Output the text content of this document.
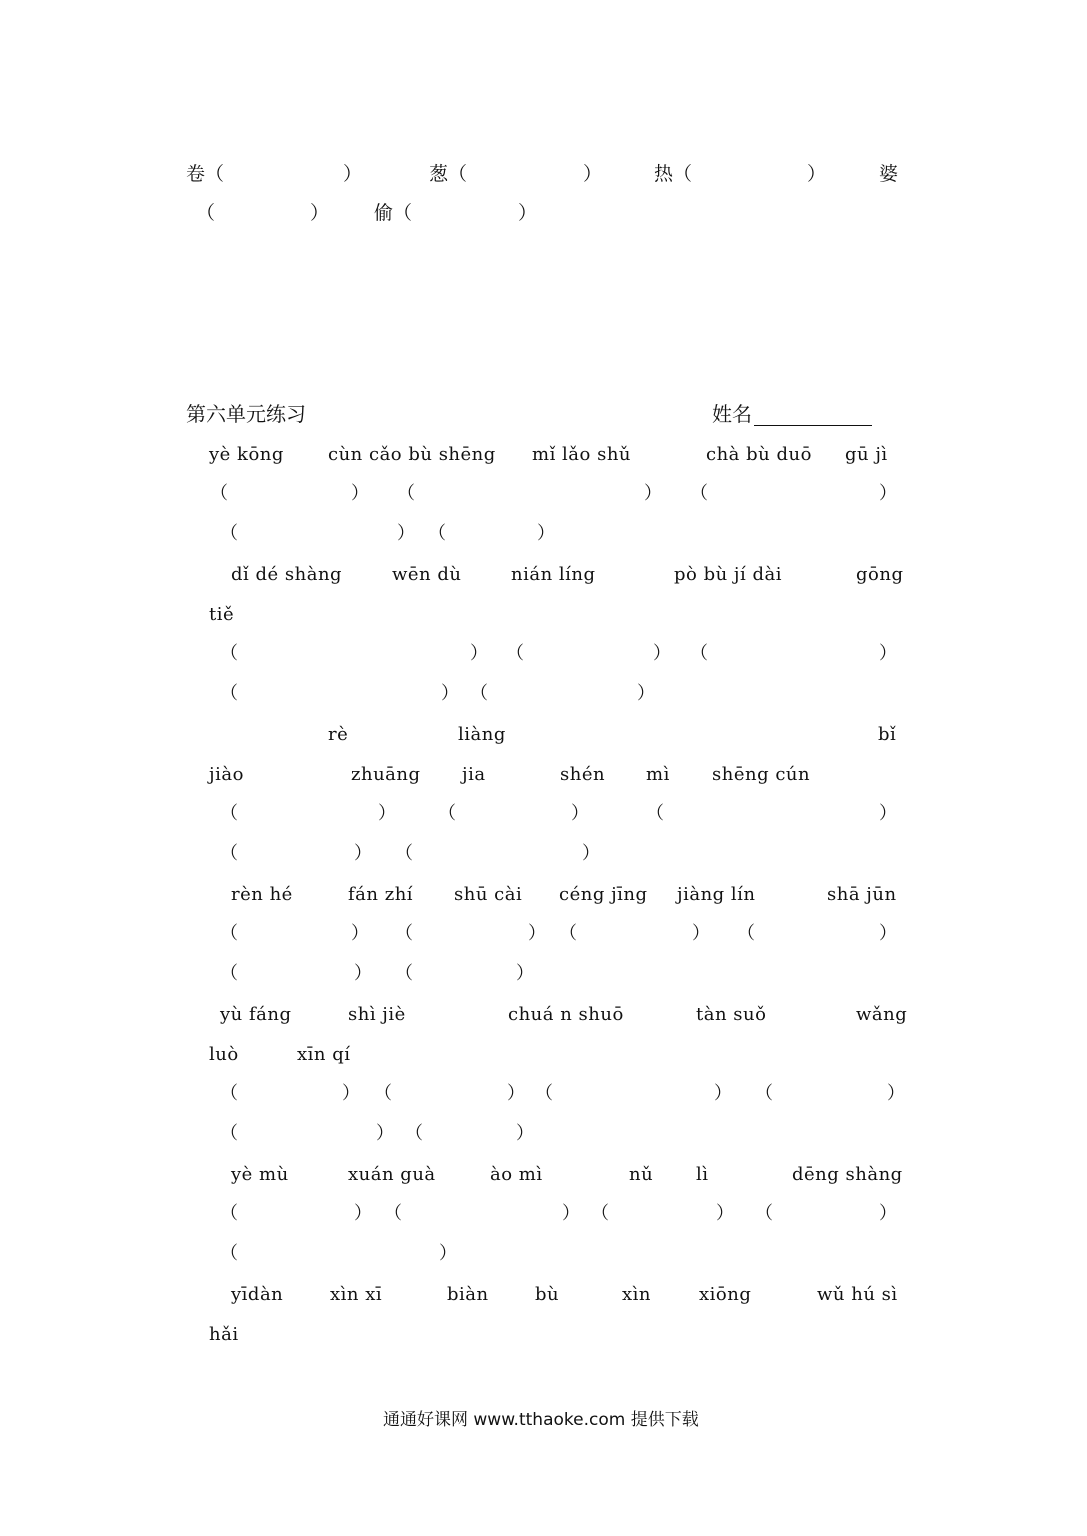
卷（	）	葱（	）	热（	）	婆
（	） 偷（	）
第六单元练习	姓名
yè kōng cùn cǎo bù shēng mǐ lǎo shǔ	chà bù duō gū jì
（	） （	） （	）
（	） （	）
dǐ dé shàng	wēn dù	nián líng	pò bù jí dài	gōng
tiě
（	） （	） （	）
（	） （	）
rè	liàng	bǐ
jiào	zhuāng jia	shén mì shēng cún
（	） （	）	（	）
（	） （	）
rèn hé	fán zhí shū cài céng jīng jiàng lín	shā jūn
（	） （	） （	） （	）
（	） （	）
yù fáng	shì jiè	chuá n shuō	tàn suǒ	wǎng
luò	xīn qí
（	） （	） （	） （	）
（	） （	）
yè mù	xuán guà	ào mì	nǔ lì	dēng shàng
（	） （	） （	） （	）
（	）
yīdàn	xìn xī	biàn	bù	xìn	xiōng	wǔ hú sì
hǎi
通通好课网 www.tthaoke.com 提供下载
